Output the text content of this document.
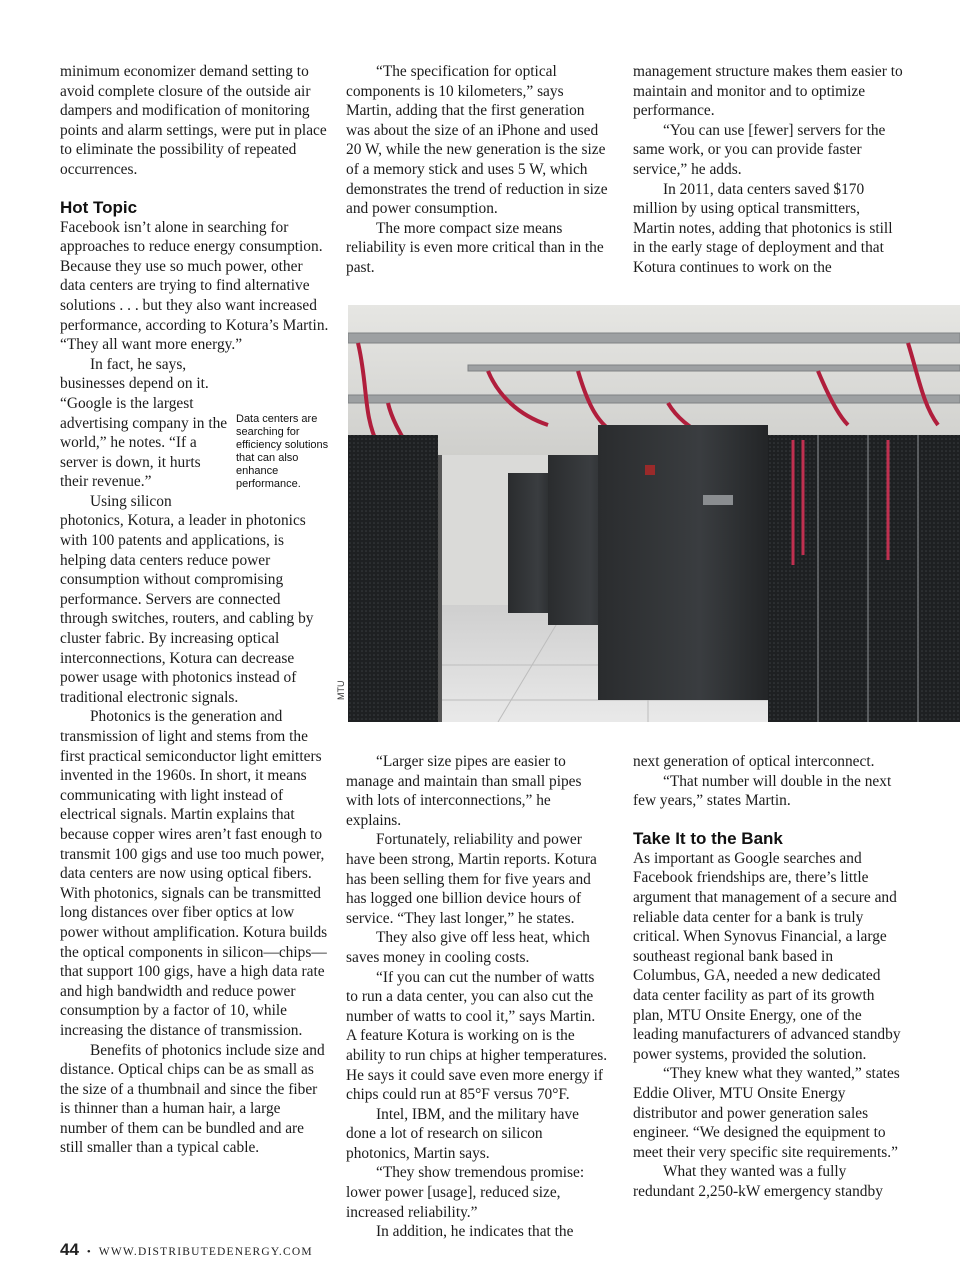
minimum economizer demand setting to avoid complete closure of the outside air dampers and modification of monitoring points and alarm settings, were put in place to eliminate the possibility of repeated occurrences.

Hot Topic

Facebook isn’t alone in searching for approaches to reduce energy consumption. Because they use so much power, other data centers are trying to find alternative solutions . . . but they also want increased performance, according to Kotura’s Martin. “They all want more energy.”

Data centers are searching for efficiency solutions that can also enhance performance.

In fact, he says, businesses depend on it. “Google is the largest advertising company in the world,” he notes. “If a server is down, it hurts their revenue.”

Using silicon photonics, Kotura, a leader in photonics with 100 patents and applications, is helping data centers reduce power consumption without compromising performance. Servers are connected through switches, routers, and cabling by cluster fabric. By increasing optical interconnections, Kotura can decrease power usage with photonics instead of traditional electronic signals.

Photonics is the generation and transmission of light and stems from the first practical semiconductor light emitters invented in the 1960s. In short, it means communicating with light instead of electrical signals. Martin explains that because copper wires aren’t fast enough to transmit 100 gigs and use too much power, data centers are now using optical fibers. With photonics, signals can be transmitted long distances over fiber optics at low power without amplification. Kotura builds the optical components in silicon—chips—that support 100 gigs, have a high data rate and high bandwidth and reduce power consumption by a factor of 10, while increasing the distance of transmission.

Benefits of photonics include size and distance. Optical chips can be as small as the size of a thumbnail and since the fiber is thinner than a human hair, a large number of them can be bundled and are still smaller than a typical cable.

“The specification for optical components is 10 kilometers,” says Martin, adding that the first generation was about the size of an iPhone and used 20 W, while the new generation is the size of a memory stick and uses 5 W, which demonstrates the trend of reduction in size and power consumption.

The more compact size means reliability is even more critical than in the past.

management structure makes them easier to maintain and monitor and to optimize performance.

“You can use [fewer] servers for the same work, or you can provide faster service,” he adds.

In 2011, data centers saved $170 million by using optical transmitters, Martin notes, adding that photonics is still in the early stage of deployment and that Kotura continues to work on the

MTU

“Larger size pipes are easier to manage and maintain than small pipes with lots of interconnections,” he explains.

Fortunately, reliability and power have been strong, Martin reports. Kotura has been selling them for five years and has logged one billion device hours of service. “They last longer,” he states.

They also give off less heat, which saves money in cooling costs.

“If you can cut the number of watts to run a data center, you can also cut the number of watts to cool it,” says Martin. A feature Kotura is working on is the ability to run chips at higher temperatures. He says it could save even more energy if chips could run at 85°F versus 70°F.

Intel, IBM, and the military have done a lot of research on silicon photonics, Martin says.

“They show tremendous promise: lower power [usage], reduced size, increased reliability.”

In addition, he indicates that the

next generation of optical interconnect.

“That number will double in the next few years,” states Martin.

Take It to the Bank

As important as Google searches and Facebook friendships are, there’s little argument that management of a secure and reliable data center for a bank is truly critical. When Synovus Financial, a large southeast regional bank based in Columbus, GA, needed a new dedicated data center facility as part of its growth plan, MTU Onsite Energy, one of the leading manufacturers of advanced standby power systems, provided the solution.

“They knew what they wanted,” states Eddie Oliver, MTU Onsite Energy distributor and power generation sales engineer. “We designed the equipment to meet their very specific site requirements.”

What they wanted was a fully redundant 2,250-kW emergency standby

44 • WWW.DISTRIBUTEDENERGY.COM
